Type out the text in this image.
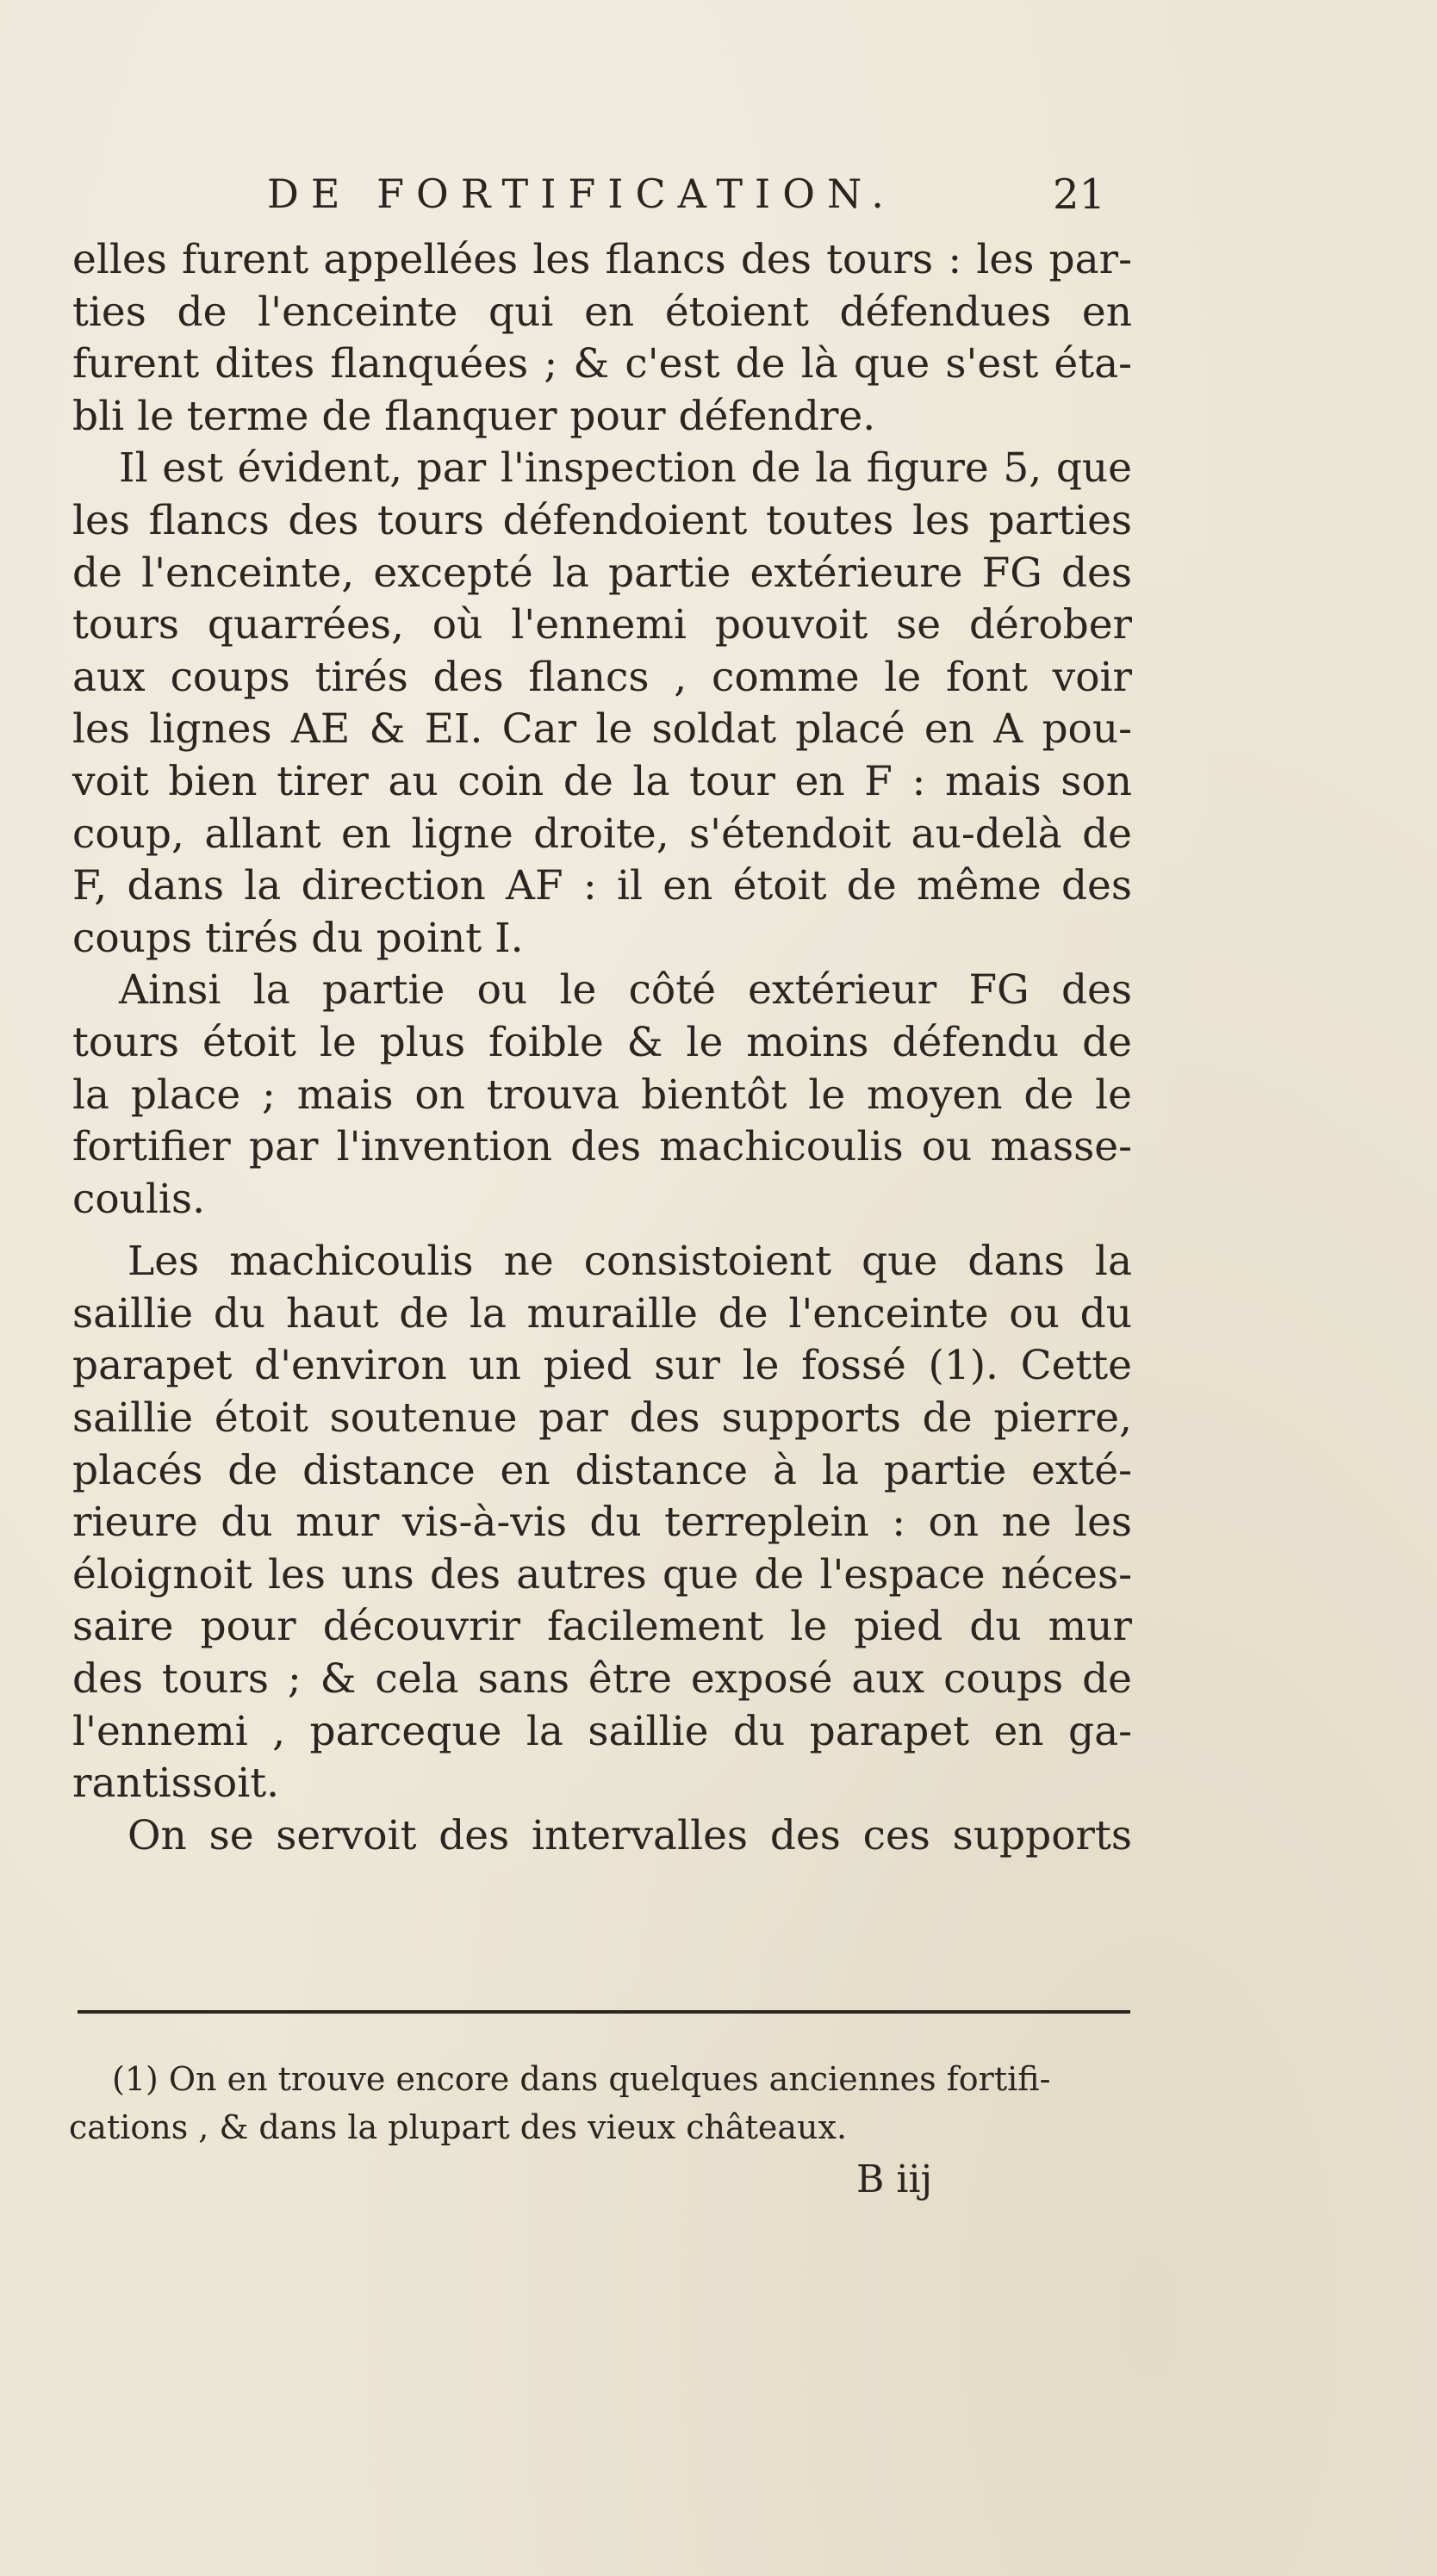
DE FORTIFICATION.	21
elles furent appellées les flancs des tours : les par-
ties de l'enceinte qui en étoient défendues en
furent dites flanquées ; & c'est de là que s'est éta-
bli le terme de flanquer pour défendre.
Il est évident, par l'inspection de la figure 5, que
les flancs des tours défendoient toutes les parties
de l'enceinte, excepté la partie extérieure FG des
tours quarrées, où l'ennemi pouvoit se dérober
aux coups tirés des flancs , comme le font voir
les lignes AE & EI. Car le soldat placé en A pou-
voit bien tirer au coin de la tour en F : mais son
coup, allant en ligne droite, s'étendoit au-delà de
F, dans la direction AF : il en étoit de même des
coups tirés du point I.
Ainsi la partie ou le côté extérieur FG des
tours étoit le plus foible & le moins défendu de
la place ; mais on trouva bientôt le moyen de le
fortifier par l'invention des machicoulis ou masse-
coulis.
Les machicoulis ne consistoient que dans la
saillie du haut de la muraille de l'enceinte ou du
parapet d'environ un pied sur le fossé (1). Cette
saillie étoit soutenue par des supports de pierre,
placés de distance en distance à la partie exté-
rieure du mur vis-à-vis du terreplein : on ne les
éloignoit les uns des autres que de l'espace néces-
saire pour découvrir facilement le pied du mur
des tours ; & cela sans être exposé aux coups de
l'ennemi , parceque la saillie du parapet en ga-
rantissoit.
On se servoit des intervalles des ces supports
(1) On en trouve encore dans quelques anciennes fortifi-
cations , & dans la plupart des vieux châteaux.
B iij
